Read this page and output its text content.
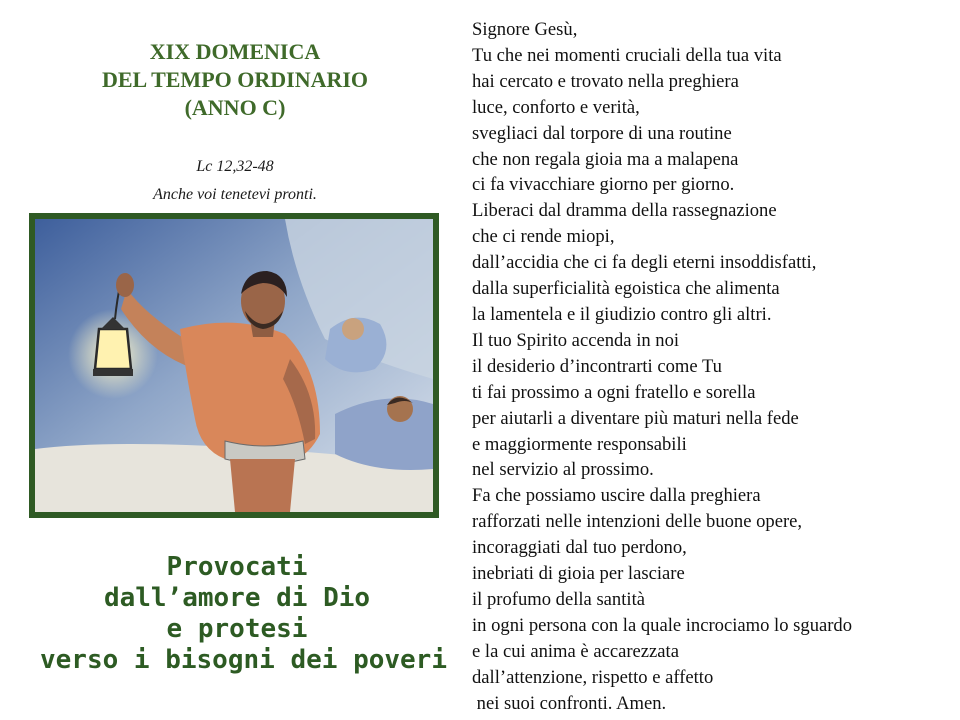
XIX DOMENICA
DEL TEMPO ORDINARIO
(ANNO C)

Lc 12,32-48

Anche voi tenetevi pronti.

Provocati
dall’amore di Dio
e protesi
verso i bisogni dei poveri
Signore Gesù,
Tu che nei momenti cruciali della tua vita
hai cercato e trovato nella preghiera
luce, conforto e verità,
svegliaci dal torpore di una routine
che non regala gioia ma a malapena
ci fa vivacchiare giorno per giorno.
Liberaci dal dramma della rassegnazione
che ci rende miopi,
dall’accidia che ci fa degli eterni insoddisfatti,
dalla superficialità egoistica che alimenta
la lamentela e il giudizio contro gli altri.
Il tuo Spirito accenda in noi
il desiderio d’incontrarti come Tu
ti fai prossimo a ogni fratello e sorella
per aiutarli a diventare più maturi nella fede
e maggiormente responsabili
nel servizio al prossimo.
Fa che possiamo uscire dalla preghiera
rafforzati nelle intenzioni delle buone opere,
incoraggiati dal tuo perdono,
inebriati di gioia per lasciare
il profumo della santità
in ogni persona con la quale incrociamo lo sguardo
e la cui anima è accarezzata
dall’attenzione, rispetto e affetto
nei suoi confronti. Amen.
